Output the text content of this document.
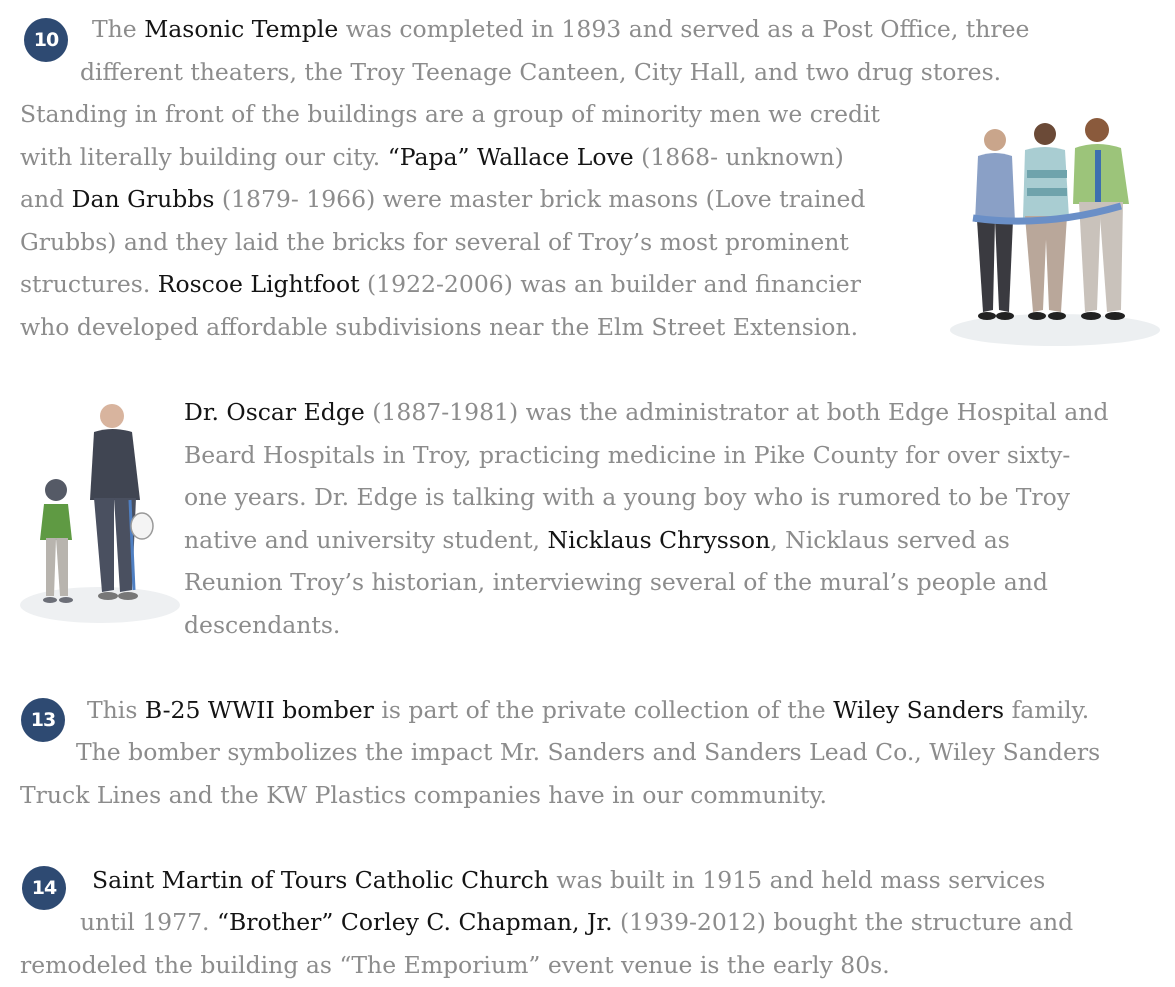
10
13
14
The Masonic Temple was completed in 1893 and served as a Post Office, three
different theaters, the Troy Teenage Canteen, City Hall, and two drug stores.
Standing in front of the buildings are a group of minority men we credit
with literally building our city. “Papa” Wallace Love (1868- unknown)
and Dan Grubbs (1879- 1966) were master brick masons (Love trained
Grubbs) and they laid the bricks for several of Troy’s most prominent
structures. Roscoe Lightfoot (1922-2006) was an builder and financier
who developed affordable subdivisions near the Elm Street Extension.
Dr. Oscar Edge (1887-1981) was the administrator at both Edge Hospital and
Beard Hospitals in Troy, practicing medicine in Pike County for over sixty-
one years. Dr. Edge is talking with a young boy who is rumored to be Troy
native and university student, Nicklaus Chrysson, Nicklaus served as
Reunion Troy’s historian, interviewing several of the mural’s people and
descendants.
This B-25 WWII bomber is part of the private collection of the Wiley Sanders family.
The bomber symbolizes the impact Mr. Sanders and Sanders Lead Co., Wiley Sanders
Truck Lines and the KW Plastics companies have in our community.
Saint Martin of Tours Catholic Church was built in 1915 and held mass services
until 1977. “Brother” Corley C. Chapman, Jr. (1939-2012) bought the structure and
remodeled the building as “The Emporium” event venue is the early 80s.
